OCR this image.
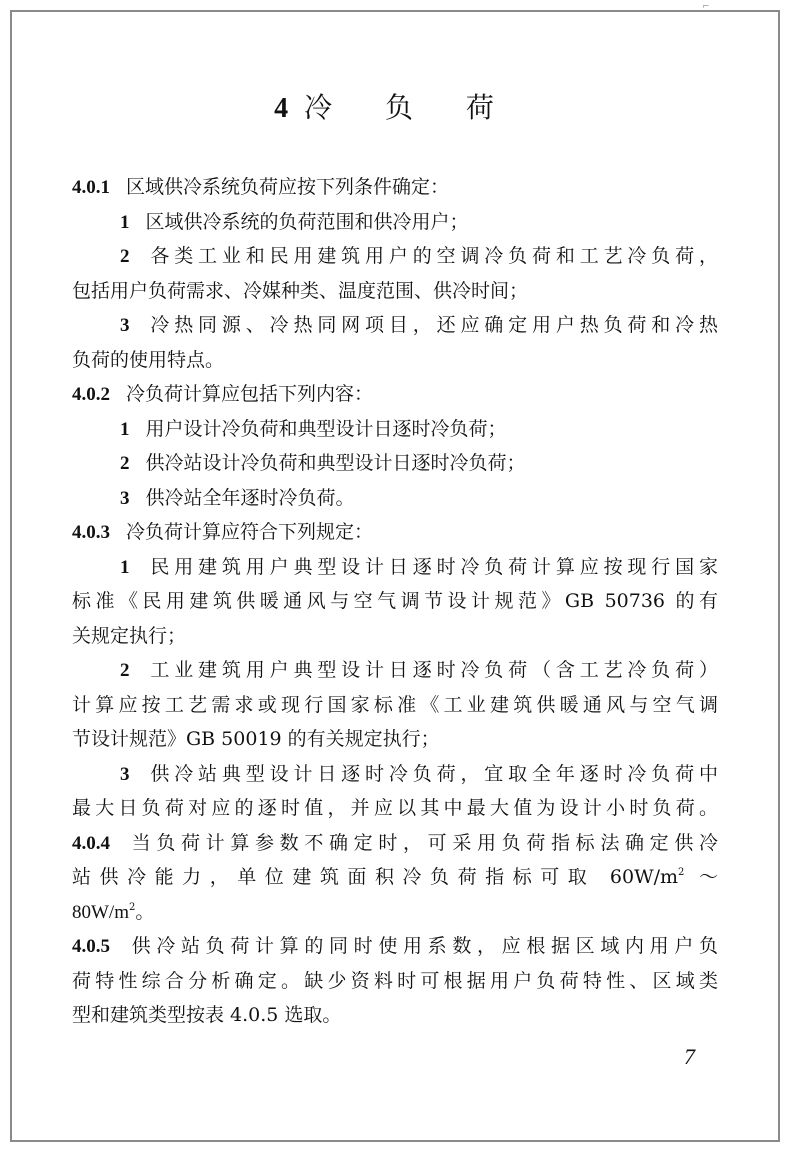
⌐
4 冷 负 荷
4.0.1 区域供冷系统负荷应按下列条件确定：
1 区域供冷系统的负荷范围和供冷用户；
2 各类工业和民用建筑用户的空调冷负荷和工艺冷负荷，
包括用户负荷需求、冷媒种类、温度范围、供冷时间；
3 冷热同源、冷热同网项目，还应确定用户热负荷和冷热
负荷的使用特点。
4.0.2 冷负荷计算应包括下列内容：
1 用户设计冷负荷和典型设计日逐时冷负荷；
2 供冷站设计冷负荷和典型设计日逐时冷负荷；
3 供冷站全年逐时冷负荷。
4.0.3 冷负荷计算应符合下列规定：
1 民用建筑用户典型设计日逐时冷负荷计算应按现行国家
标准《民用建筑供暖通风与空气调节设计规范》GB 50736 的有
关规定执行；
2 工业建筑用户典型设计日逐时冷负荷（含工艺冷负荷）
计算应按工艺需求或现行国家标准《工业建筑供暖通风与空气调
节设计规范》GB 50019 的有关规定执行；
3 供冷站典型设计日逐时冷负荷，宜取全年逐时冷负荷中
最大日负荷对应的逐时值，并应以其中最大值为设计小时负荷。
4.0.4 当负荷计算参数不确定时，可采用负荷指标法确定供冷
站供冷能力，单位建筑面积冷负荷指标可取 $60W/m^2$ ～
$80W/m^2$。
4.0.5 供冷站负荷计算的同时使用系数，应根据区域内用户负
荷特性综合分析确定。缺少资料时可根据用户负荷特性、区域类
型和建筑类型按表 4.0.5 选取。
7
